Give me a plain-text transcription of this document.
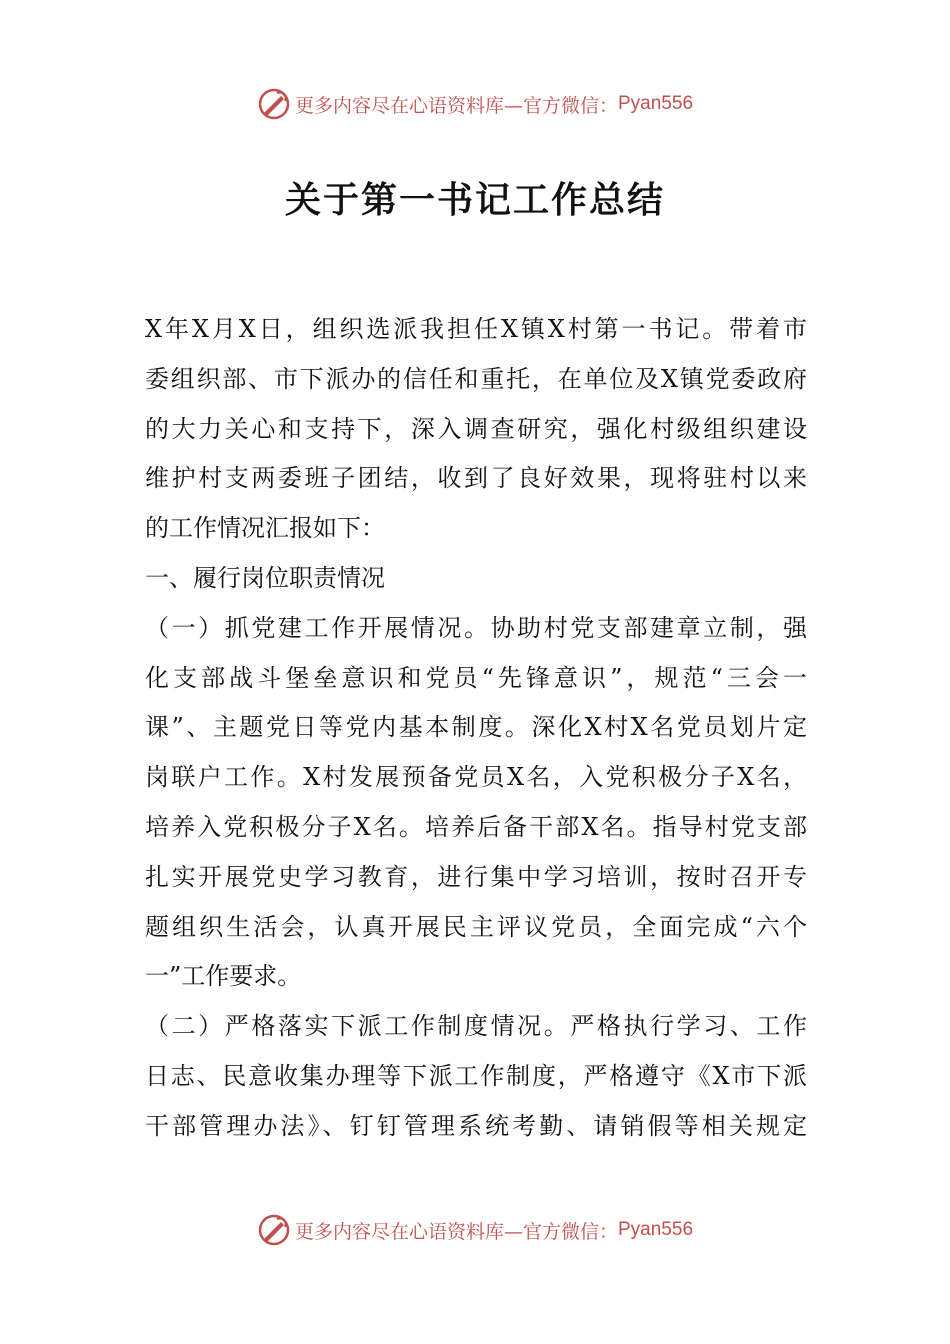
更多内容尽在心语资料库—官方微信： Pyan556
关于第一书记工作总结
X年X月X日，组织选派我担任X镇X村第一书记。带着市
委组织部、市下派办的信任和重托，在单位及X镇党委政府
的大力关心和支持下，深入调查研究，强化村级组织建设
维护村支两委班子团结，收到了良好效果，现将驻村以来
的工作情况汇报如下：
一、履行岗位职责情况
（一）抓党建工作开展情况。协助村党支部建章立制，强
化支部战斗堡垒意识和党员“先锋意识”，规范“三会一
课”、主题党日等党内基本制度。深化X村X名党员划片定
岗联户工作。X村发展预备党员X名，入党积极分子X名，
培养入党积极分子X名。培养后备干部X名。指导村党支部
扎实开展党史学习教育，进行集中学习培训，按时召开专
题组织生活会，认真开展民主评议党员，全面完成“六个
一”工作要求。
（二）严格落实下派工作制度情况。严格执行学习、工作
日志、民意收集办理等下派工作制度，严格遵守《X市下派
干部管理办法》、钉钉管理系统考勤、请销假等相关规定
更多内容尽在心语资料库—官方微信： Pyan556
